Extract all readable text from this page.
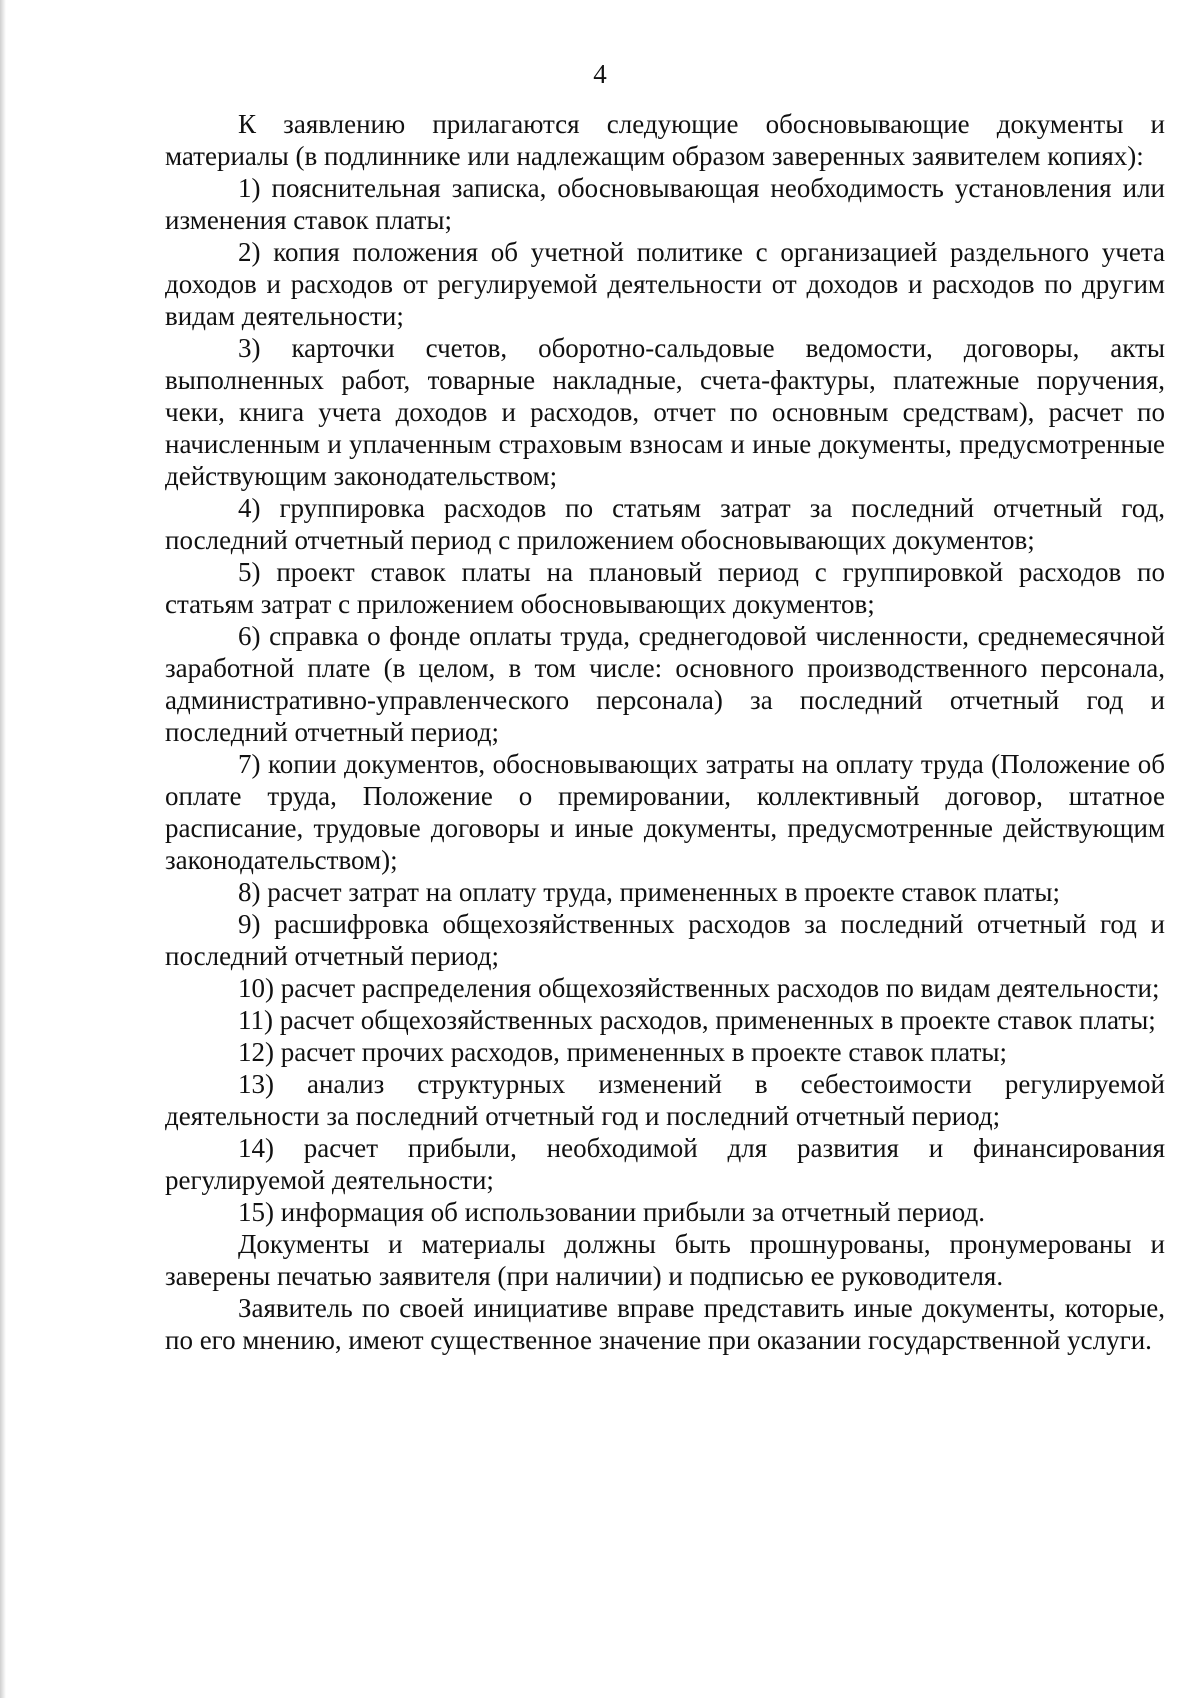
4

К заявлению прилагаются следующие обосновывающие документы и материалы (в подлиннике или надлежащим образом заверенных заявителем копиях):

1) пояснительная записка, обосновывающая необходимость установления или изменения ставок платы;

2) копия положения об учетной политике с организацией раздельного учета доходов и расходов от регулируемой деятельности от доходов и расходов по другим видам деятельности;

3) карточки счетов, оборотно-сальдовые ведомости, договоры, акты выполненных работ, товарные накладные, счета-фактуры, платежные поручения, чеки, книга учета доходов и расходов, отчет по основным средствам), расчет по начисленным и уплаченным страховым взносам и иные документы, предусмотренные действующим законодательством;

4) группировка расходов по статьям затрат за последний отчетный год, последний отчетный период с приложением обосновывающих документов;

5) проект ставок платы на плановый период с группировкой расходов по статьям затрат с приложением обосновывающих документов;

6) справка о фонде оплаты труда, среднегодовой численности, среднемесячной заработной плате (в целом, в том числе: основного производственного персонала, административно-управленческого персонала) за последний отчетный год и последний отчетный период;

7) копии документов, обосновывающих затраты на оплату труда (Положение об оплате труда, Положение о премировании, коллективный договор, штатное расписание, трудовые договоры и иные документы, предусмотренные действующим законодательством);

8) расчет затрат на оплату труда, примененных в проекте ставок платы;

9) расшифровка общехозяйственных расходов за последний отчетный год и последний отчетный период;

10) расчет распределения общехозяйственных расходов по видам деятельности;

11) расчет общехозяйственных расходов, примененных в проекте ставок платы;

12) расчет прочих расходов, примененных в проекте ставок платы;

13) анализ структурных изменений в себестоимости регулируемой деятельности за последний отчетный год и последний отчетный период;

14) расчет прибыли, необходимой для развития и финансирования регулируемой деятельности;

15) информация об использовании прибыли за отчетный период.

Документы и материалы должны быть прошнурованы, пронумерованы и заверены печатью заявителя (при наличии) и подписью ее руководителя.

Заявитель по своей инициативе вправе представить иные документы, которые, по его мнению, имеют существенное значение при оказании государственной услуги.
